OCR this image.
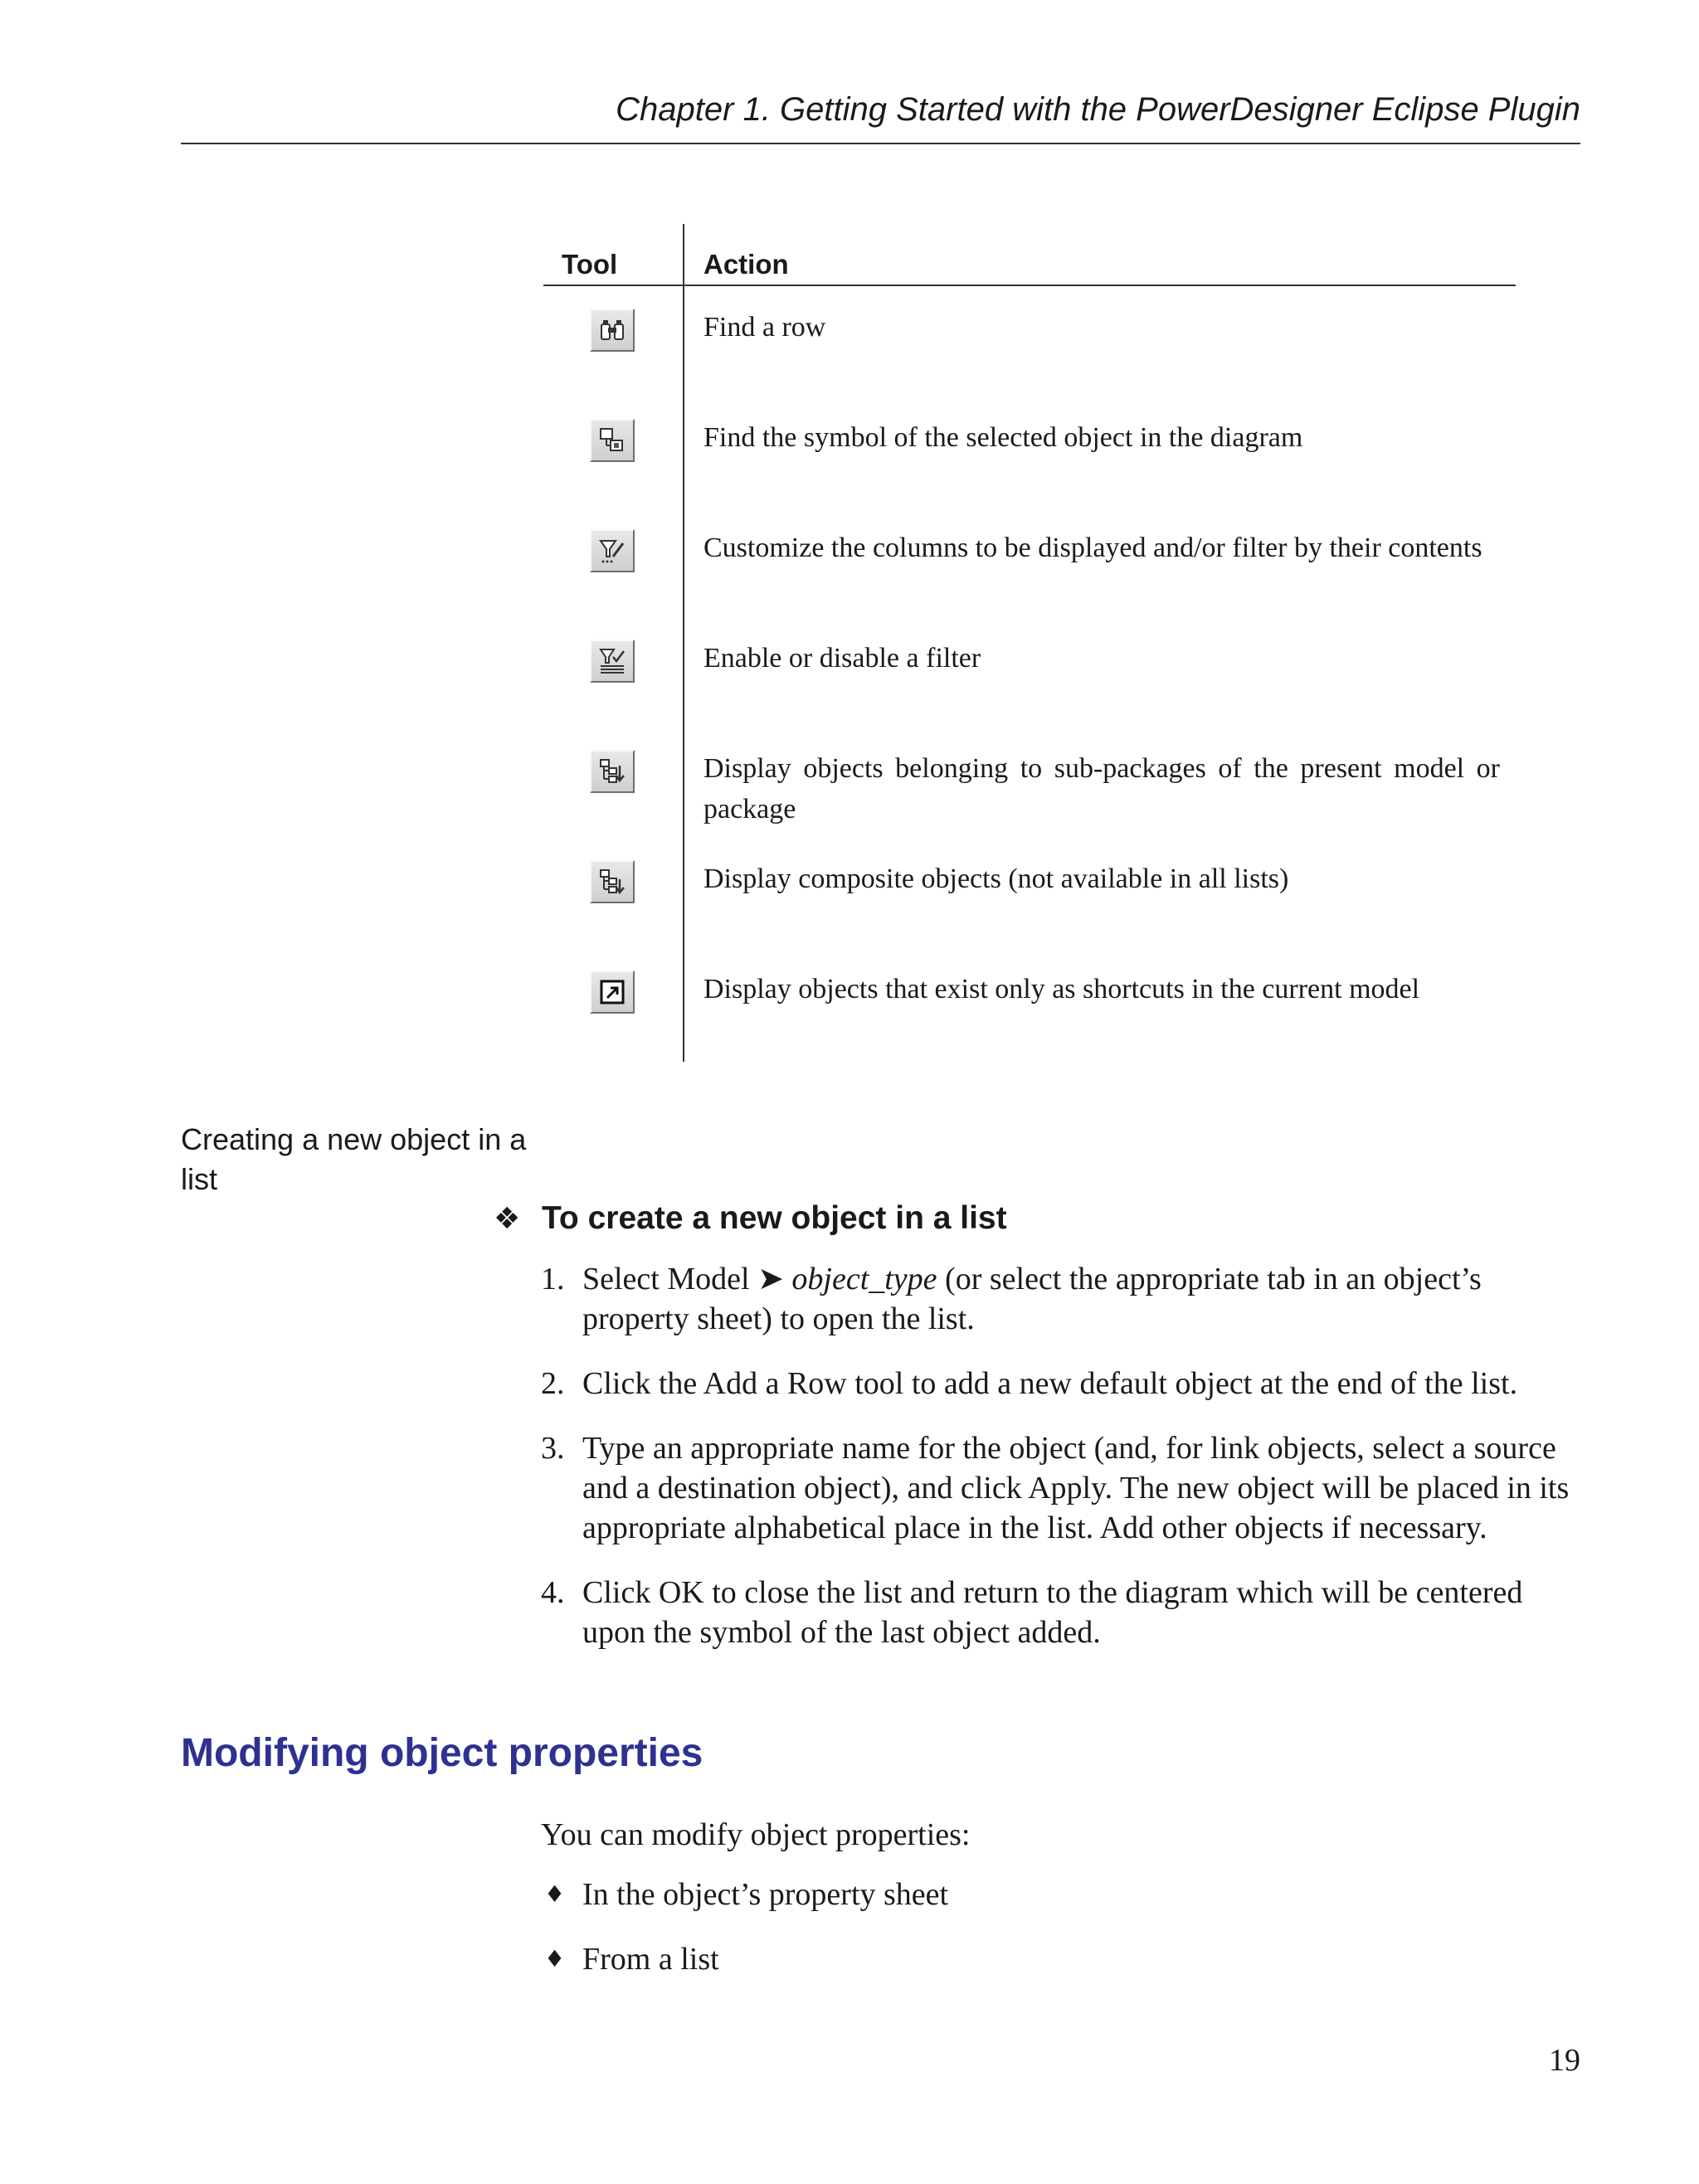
Chapter 1. Getting Started with the PowerDesigner Eclipse Plugin
Tool	Action
Find a row
Find the symbol of the selected object in the diagram
Customize the columns to be displayed and/or filter by their contents
Enable or disable a filter
Display objects belonging to sub-packages of the present model or package
Display composite objects (not available in all lists)
Display objects that exist only as shortcuts in the current model
Creating a new object in a list
❖ To create a new object in a list
1. Select Model ➤ object_type (or select the appropriate tab in an object’s property sheet) to open the list.
2. Click the Add a Row tool to add a new default object at the end of the list.
3. Type an appropriate name for the object (and, for link objects, select a source and a destination object), and click Apply. The new object will be placed in its appropriate alphabetical place in the list. Add other objects if necessary.
4. Click OK to close the list and return to the diagram which will be centered upon the symbol of the last object added.
Modifying object properties
You can modify object properties:
♦ In the object’s property sheet
♦ From a list
19
